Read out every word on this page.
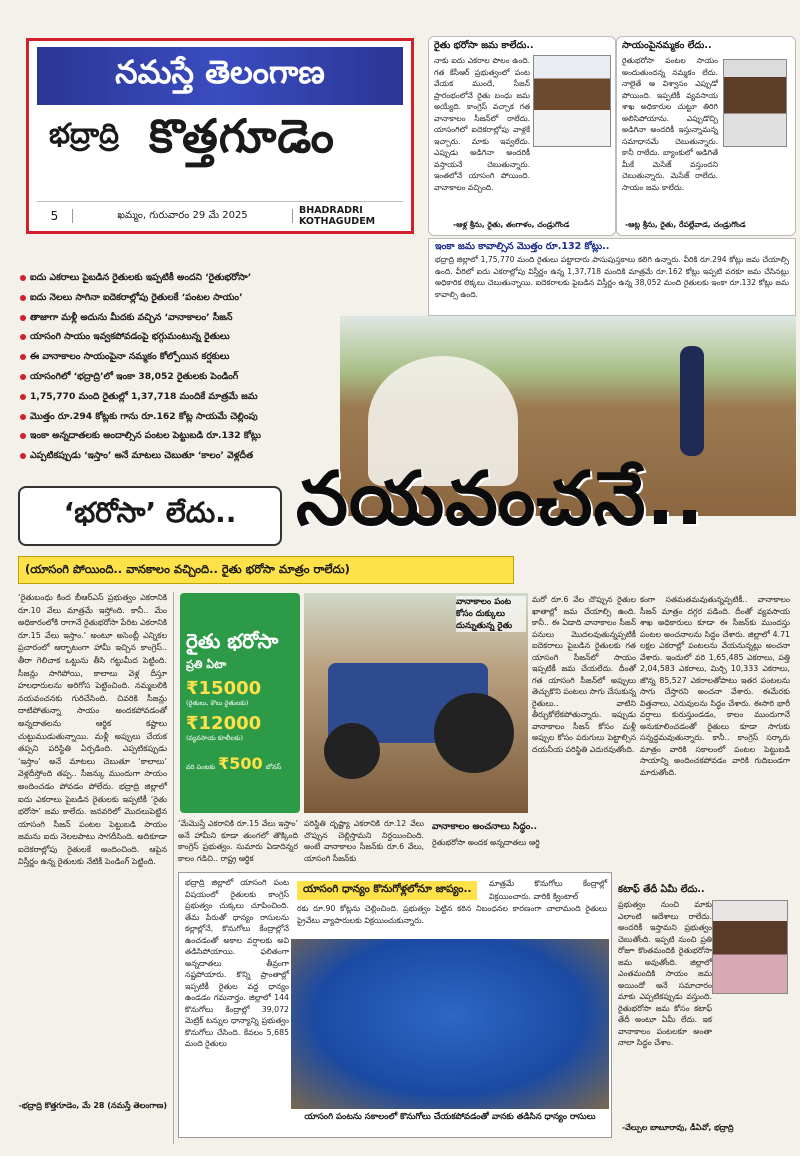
నమస్తే తెలంగాణ
భద్రాద్రి కొత్తగూడెం
5	ఖమ్మం, గురువారం 29 మే 2025	BHADRADRI
KOTHAGUDEM
రైతు భరోసా జమ కాలేదు..
నాకు ఐదు ఎకరాల పొలం ఉంది. గత కేసీఆర్ ప్రభుత్వంలో పంట వేయక ముందే, సీజన్ ప్రారంభంలోనే రైతు బంధు జమ అయ్యేది. కాంగ్రెస్ వచ్చాక గత వానాకాలం సీజన్‌లో రాలేదు. యాసంగిలో ఐదెకరాల్లోపు వాళ్లకే ఇచ్చారు. మాకు ఇవ్వలేదు. ఎప్పుడు అడిగినా అందరికీ వస్తాయనే చెబుతున్నారు. ఇంతలోనే యాసంగి పోయింది. వానాకాలం వచ్చింది.
-ఆళ్ల శ్రీను, రైతు, తంగాళం, చండ్రుగొండ
సాయంపైనమ్మకం లేదు..
రైతుభరోసా పంటల సాయం అందుతుందన్న నమ్మకం లేదు. నాలైతే ఆ విశ్వాసం ఎప్పుడో పోయింది. ఇప్పటికీ వ్యవసాయ శాఖ అధికారుల చుట్టూ తిరిగి అలిసిపోయాను. ఎప్పుడొచ్చి అడిగినా అందరికీ ఇస్తున్నామన్న సమాధానమే చెబుతున్నారు. కానీ రాలేదు. బ్యాంకులో అడిగితే మీకే మెసేజ్ వస్తుందని చెబుతున్నారు. మెసేజ్ రాలేదు. సాయం జమ కాలేదు.
-ఆట్ల శ్రీను, రైతు, రేపల్లేవాడ, చండ్రుగొండ
ఇంకా జమ కావాల్సిన మొత్తం రూ.132 కోట్లు..
భద్రాద్రి జిల్లాలో 1,75,770 మంది రైతులు పట్టాదారు పాసుపుస్తకాలు కలిగి ఉన్నారు. వీరికి రూ.294 కోట్లు జమ చేయాల్సి ఉంది. వీరిలో ఐదు ఎకరాల్లోపు విస్తీర్ణం ఉన్న 1,37,718 మందికి మాత్రమే రూ.162 కోట్లు ఇప్పటి వరకూ జమ చేసినట్లు అధికారిక లెక్కలు చెబుతున్నాయి. ఐదెకరాలకు పైబడిన విస్తీర్ణం ఉన్న 38,052 మంది రైతులకు ఇంకా రూ.132 కోట్లు జమ కావాల్సి ఉంది.
ఐదు ఎకరాలు పైబడిన రైతులకు ఇప్పటికీ అందని ‘రైతుభరోసా’
ఐదు నెలలు సాగినా ఐదెకరాల్లోపు రైతులకే ‘పంటల సాయం’
తాజాగా మళ్లీ అదును మీదకు వచ్చిన ‘వానాకాలం’ సీజన్
యాసంగి సాయం ఇవ్వకపోవడంపై భగ్గుమంటున్న రైతులు
ఈ వానాకాలం సాయంపైనా నమ్మకం కోల్పోయిన కర్షకులు
యాసంగిలో ‘భద్రాద్రి’లో ఇంకా 38,052 రైతులకు పెండింగ్
1,75,770 మంది రైతుల్లో 1,37,718 మందికే మాత్రమే జమ
మొత్తం రూ.294 కోట్లకు గాను రూ.162 కోట్ల సాయమే చెల్లింపు
ఇంకా అన్నదాతలకు అందాల్సిన పంటల పెట్టుబడి రూ.132 కోట్లు
ఎప్పటికప్పుడు ‘ఇస్తాం’ అనే మాటలు చెబుతూ ‘కాలం’ వెళ్లదీత
‘భరోసా’ లేదు.. నయవంచనే..
(యాసంగి పోయింది.. వానకాలం వచ్చింది.. రైతు భరోసా మాత్రం రాలేదు)
‘రైతుబంధు కింద బీఆర్ఎస్ ప్రభుత్వం ఎకరానికి రూ.10 వేలు మాత్రమే ఇస్తోంది. కానీ.. మేం అధికారంలోకి రాగానే రైతుభరోసా పేరిట ఎకరానికి రూ.15 వేలు ఇస్తాం.’ అంటూ అసెంబ్లీ ఎన్నికల ప్రచారంలో ఆర్భాటంగా హామీ ఇచ్చిన కాంగ్రెస్.. తీరా గెలిచాక ఒట్టును తీసి గట్టుమీద పెట్టింది. సీజన్లు సాగిపోయి, కాలాలు వెళ్ల దీస్తూ హలధారులను అరిగోస పెట్టించింది. నమ్మబలికి నయవంచనకు గురిచేసింది. చివరికి సీజన్లు దాటిపోతున్నా సాయం అందకపోవడంతో అన్నదాతలను ఆర్థిక కష్టాలు చుట్టుముడుతున్నాయి. మళ్లీ అప్పులు చేయక తప్పని పరిస్థితి ఏర్పడింది. ఎప్పటికప్పుడు ‘ఇస్తాం’ అనే మాటలు చెబుతూ ‘కాలాలు’ వెళ్లదీస్తోంది తప్ప.. సీజన్కు ముందుగా సాయం అందించడం పోవడం పోలేదు. భద్రాద్రి జిల్లాలో ఐదు ఎకరాలు పైబడిన రైతులకు ఇప్పటికీ ‘రైతు భరోసా’ జమ కాలేదు. జనవరిలో మొదలుపెట్టిన యాసంగి సీజన్ పంటల పెట్టుబడి సాయం జమను ఐదు నెలలపాటు సాగదీసింది. అదికూడా ఐదెకరాల్లోపు రైతులకే అందించింది. ఆపైన విస్తీర్ణం ఉన్న రైతులకు నేటికీ పెండింగ్ పెట్టింది.
-భద్రాద్రి కొత్తగూడెం, మే 28 (నమస్తే తెలంగాణ)
రైతు భరోసా
ప్రతి ఏటా
₹15000
(రైతులు, కౌలు రైతులకు)
₹12000
(వ్యవసాయ కూలీలకు)
వరి పంటకు ₹500 బోనస్
వానాకాలం పంట కోసం దుక్కులు దున్నుతున్న రైతు
‘మేమొస్తే ఎకరానికి రూ.15 వేలు ఇస్తాం’ అనే హామీని కూడా తుంగలో తొక్కింది కాంగ్రెస్ ప్రభుత్వం. సుమారు ఏడాదిన్నర కాలం గడిచి.. రాష్ట్ర ఆర్థిక
పరిస్థితి దృష్ట్యా ఎకరానికి రూ.12 వేలు చొప్పున చెల్లిస్తామని నిర్దయించింది. అంటే వానాకాలం సీజన్‌కు రూ.6 వేలు, యాసంగి సీజన్‌కు
మరో రూ.6 వేల చొప్పున రైతుల ఖాతాల్లో జమ చేయాల్సి ఉంది. కానీ.. ఈ ఏడాది వానాకాలం సీజన్ పనులు మొదలవుతున్నప్పటికీ ఐదెకరాలు పైబడిన రైతులకు గత యాసంగి సీజన్‌లో సాయం ఇప్పటికీ జమ చేయలేదు. దీంతో గత యాసంగి సీజన్‌లో అప్పులు తెచ్చుకొని పంటలు సాగు చేసుకున్న రైతులు.. వాటిని తీర్చుకోలేకపోతున్నారు. ఇప్పుడు వానాకాలం సీజన్ కోసం మళ్లీ అప్పుల కోసం పరుగులు పెట్టాల్సిన దయనీయ పరిస్థితి ఎదురవుతోంది.
వానాకాలం అంచనాలు సిద్ధం..
రైతుభరోసా అందక అన్నదాతలు ఆర్థి
కంగా సతమతమవుతున్నప్పటికీ.. వానాకాలం సీజన్ మాత్రం దగ్గర పడింది. దీంతో వ్యవసాయ శాఖ అధికారులు కూడా ఈ సీజన్‌కు ముందస్తు పంటల అంచనాలను సిద్ధం చేశారు. జిల్లాలో 4.71 లక్షల ఎకరాల్లో పంటలను వేయనున్నట్లు అంచనా వేశారు. ఇందులో వరి 1,65,485 ఎకరాలు, పత్తి 2,04,583 ఎకరాలు, మిర్చి 10,333 ఎకరాలు, జొన్న 85,527 ఎకరాలతోపాటు ఇతర పంటలను సాగు చేస్తారని అంచనా వేశారు. ఈమేరకు విత్తనాలు, ఎరువులను సిద్ధం చేశారు. ఈసారి భారీ వర్షాలు కురుస్తుండడం, కాలం ముందుగానే అనుకూలించడంతో రైతులు కూడా సాగుకు సన్నద్ధమవుతున్నారు. కానీ.. కాంగ్రెస్ సర్కారు మాత్రం వారికి సకాలంలో పంటల పెట్టుబడి సాయాన్ని అందించకపోవడం వారికి గుదిబండగా మారుతోంది.
భద్రాద్రి జిల్లాలో యాసంగి పంట విషయంలో రైతులకు కాంగ్రెస్ ప్రభుత్వం చుక్కలు చూపించింది. తేమ పేరుతో ధాన్యం రాసులను కల్లాల్లోనే, కొనుగోలు కేంద్రాల్లోనే ఉంచడంతో అకాల వర్షాలకు అవి తడిసిపోయాయి. ఫలితంగా అన్నదాతలు తీవ్రంగా నష్టపోయారు. కొన్ని ప్రాంతాల్లో ఇప్పటికీ రైతుల వద్ద ధాన్యం ఉండడం గమనార్హం. జిల్లాలో 144 కొనుగోలు కేంద్రాల్లో 39,072 మెట్రిక్ టన్నుల ధాన్యాన్ని ప్రభుత్వం కొనుగోలు చేసింది. కేవలం 5,685 మంది రైతులు
యాసంగి ధాన్యం కొనుగోళ్లలోనూ జాప్యం..	మాత్రమే కొనుగోలు కేంద్రాల్లో విక్రయించారు. వారికి క్వింటాల్
రకు రూ.90 కోట్లను చెల్లించింది. ప్రభుత్వం పెట్టిన కఠిన నిబంధనల కారణంగా చాలామంది రైతులు ప్రైవేటు వ్యాపారులకు విక్రయించుకున్నారు.
యాసంగి పంటను సకాలంలో కొనుగోలు చేయకపోవడంతో వానకు తడిసిన ధాన్యం రాసులు
కటాఫ్ తేదీ ఏమీ లేదు..
ప్రభుత్వం నుంచి మాకు ఎలాంటి ఆదేశాలు రాలేదు. అందరికీ ఇస్తామని ప్రభుత్వం చెబుతోంది. ఇప్పటి నుంచి ప్రతి రోజూ కొంతమందికి రైతుభరోసా జమ అవుతోంది. జిల్లాలో ఎంతమందికి సాయం జమ అయిందో అనే సమాచారం మాకు ఎప్పటికప్పుడు వస్తుంది. రైతుభరోసా జమ కోసం కటాఫ్ తేదీ అంటూ ఏమీ లేదు. ఇక వానాకాలం పంటలకూ అంతా నాలా సిద్ధం చేశాం.
-వేల్పుల బాబూరావు, డీఏవో, భద్రాద్రి
